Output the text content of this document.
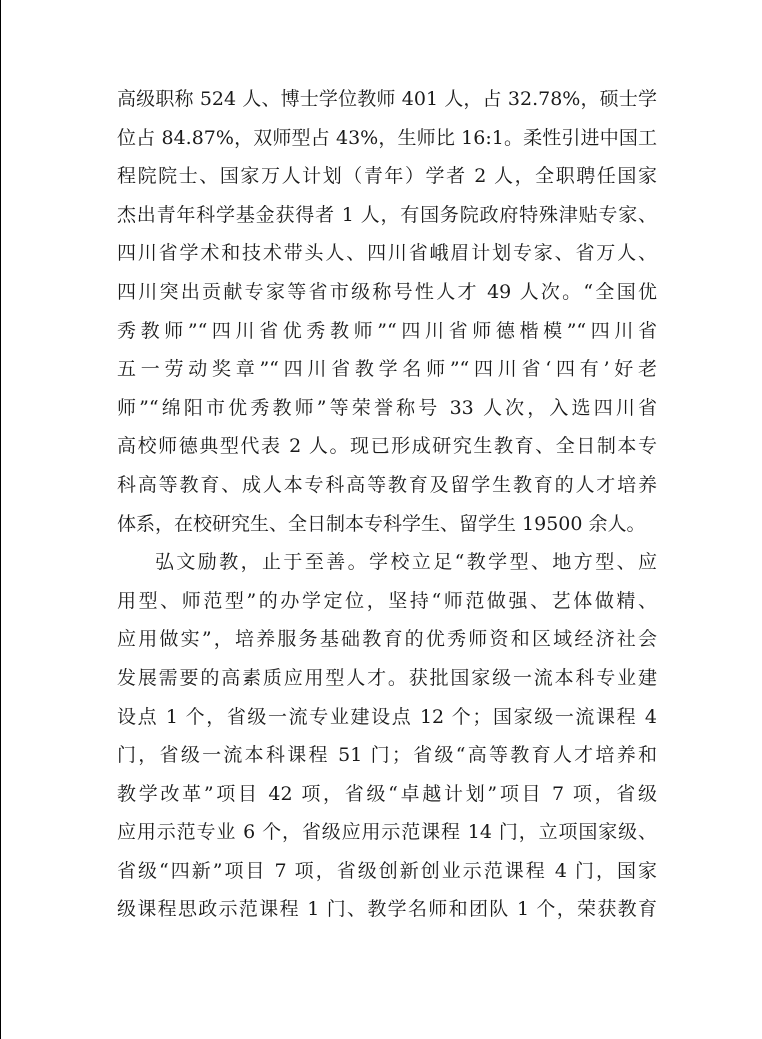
高级职称 524 人、博士学位教师 401 人，占 32.78%，硕士学
位占 84.87%，双师型占 43%，生师比 16:1。柔性引进中国工
程院院士、国家万人计划（青年）学者 2 人，全职聘任国家
杰出青年科学基金获得者 1 人，有国务院政府特殊津贴专家、
四川省学术和技术带头人、四川省峨眉计划专家、省万人、
四川突出贡献专家等省市级称号性人才 49 人次。“全国优
秀教师”“四川省优秀教师”“四川省师德楷模”“四川省
五一劳动奖章”“四川省教学名师”“四川省‘四有’好老
师”“绵阳市优秀教师”等荣誉称号 33 人次，入选四川省
高校师德典型代表 2 人。现已形成研究生教育、全日制本专
科高等教育、成人本专科高等教育及留学生教育的人才培养
体系，在校研究生、全日制本专科学生、留学生 19500 余人。
弘文励教，止于至善。学校立足“教学型、地方型、应
用型、师范型”的办学定位，坚持“师范做强、艺体做精、
应用做实”，培养服务基础教育的优秀师资和区域经济社会
发展需要的高素质应用型人才。获批国家级一流本科专业建
设点 1 个，省级一流专业建设点 12 个；国家级一流课程 4
门，省级一流本科课程 51 门；省级“高等教育人才培养和
教学改革”项目 42 项，省级“卓越计划”项目 7 项，省级
应用示范专业 6 个，省级应用示范课程 14 门，立项国家级、
省级“四新”项目 7 项，省级创新创业示范课程 4 门，国家
级课程思政示范课程 1 门、教学名师和团队 1 个，荣获教育
